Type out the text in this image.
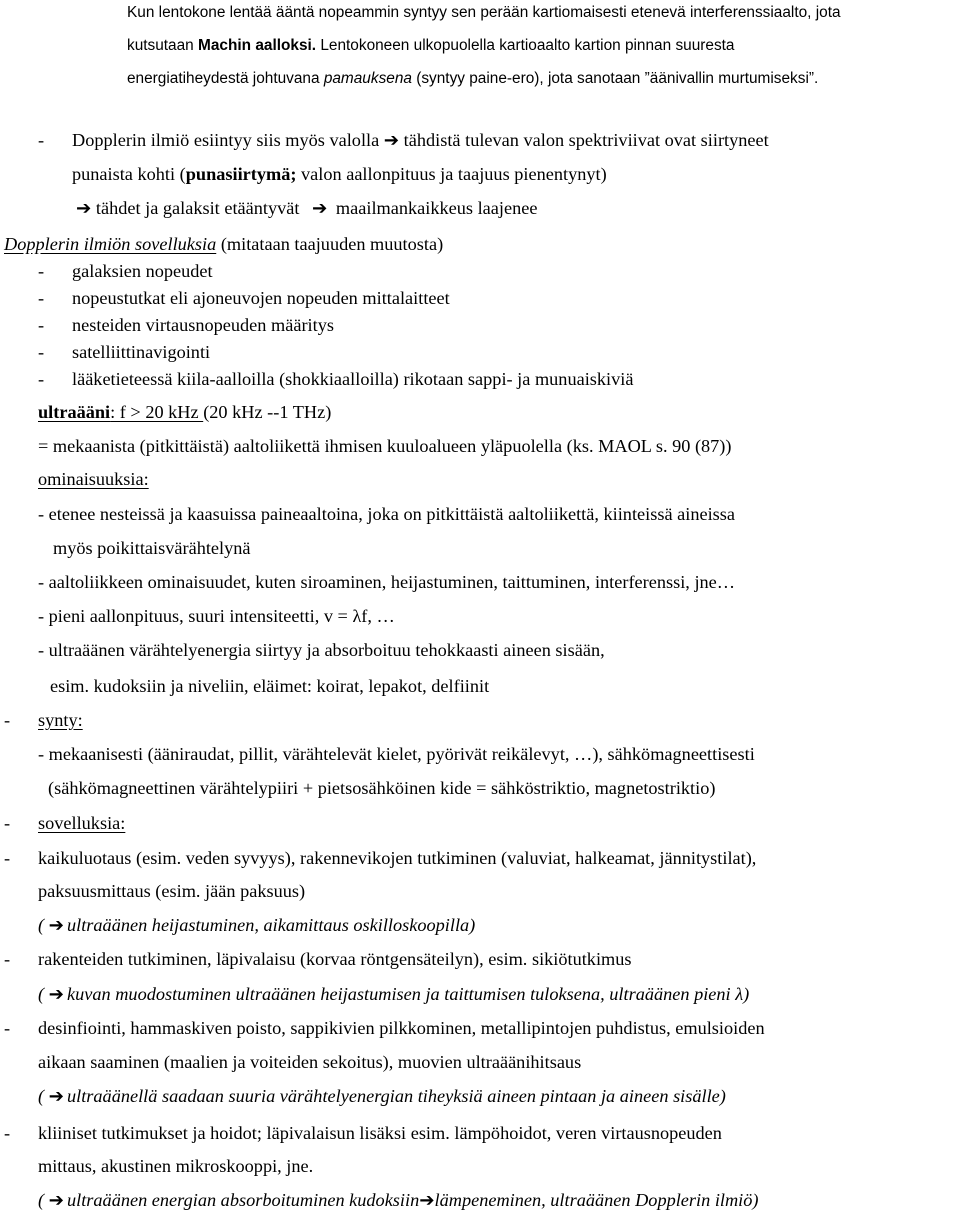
Kun lentokone lentää ääntä nopeammin syntyy sen perään kartiomaisesti etenevä interferenssiaalto, jota
kutsutaan Machin aalloksi. Lentokoneen ulkopuolella kartioaalto kartion pinnan suuresta
energiatiheydestä johtuvana pamauksena (syntyy paine-ero), jota sanotaan ”äänivallin murtumiseksi”.
- Dopplerin ilmiö esiintyy siis myös valolla ➔ tähdistä tulevan valon spektriviivat ovat siirtyneet
punaista kohti (punasiirtymä; valon aallonpituus ja taajuus pienentynyt)
➔ tähdet ja galaksit etääntyvät ➔ maailmankaikkeus laajenee
Dopplerin ilmiön sovelluksia (mitataan taajuuden muutosta)
- galaksien nopeudet
- nopeustutkat eli ajoneuvojen nopeuden mittalaitteet
- nesteiden virtausnopeuden määritys
- satelliittinavigointi
- lääketieteessä kiila-aalloilla (shokkiaalloilla) rikotaan sappi- ja munuaiskiviä
ultraääni: f > 20 kHz (20 kHz --1 THz)
= mekaanista (pitkittäistä) aaltoliikettä ihmisen kuuloalueen yläpuolella (ks. MAOL s. 90 (87))
ominaisuuksia:
- etenee nesteissä ja kaasuissa paineaaltoina, joka on pitkittäistä aaltoliikettä, kiinteissä aineissa
myös poikittaisvärähtelynä
- aaltoliikkeen ominaisuudet, kuten siroaminen, heijastuminen, taittuminen, interferenssi, jne…
- pieni aallonpituus, suuri intensiteetti, v = λf, …
- ultraäänen värähtelyenergia siirtyy ja absorboituu tehokkaasti aineen sisään,
esim. kudoksiin ja niveliin, eläimet: koirat, lepakot, delfiinit
- synty:
- mekaanisesti (ääniraudat, pillit, värähtelevät kielet, pyörivät reikälevyt, …), sähkömagneettisesti
(sähkömagneettinen värähtelypiiri + pietsosähköinen kide = sähköstriktio, magnetostriktio)
- sovelluksia:
- kaikuluotaus (esim. veden syvyys), rakennevikojen tutkiminen (valuviat, halkeamat, jännitystilat),
paksuusmittaus (esim. jään paksuus)
( ➔ ultraäänen heijastuminen, aikamittaus oskilloskoopilla)
- rakenteiden tutkiminen, läpivalaisu (korvaa röntgensäteilyn), esim. sikiötutkimus
( ➔ kuvan muodostuminen ultraäänen heijastumisen ja taittumisen tuloksena, ultraäänen pieni λ)
- desinfiointi, hammaskiven poisto, sappikivien pilkkominen, metallipintojen puhdistus, emulsioiden
aikaan saaminen (maalien ja voiteiden sekoitus), muovien ultraäänihitsaus
( ➔ ultraäänellä saadaan suuria värähtelyenergian tiheyksiä aineen pintaan ja aineen sisälle)
- kliiniset tutkimukset ja hoidot; läpivalaisun lisäksi esim. lämpöhoidot, veren virtausnopeuden
mittaus, akustinen mikroskooppi, jne.
( ➔ ultraäänen energian absorboituminen kudoksiin➔lämpeneminen, ultraäänen Dopplerin ilmiö)
